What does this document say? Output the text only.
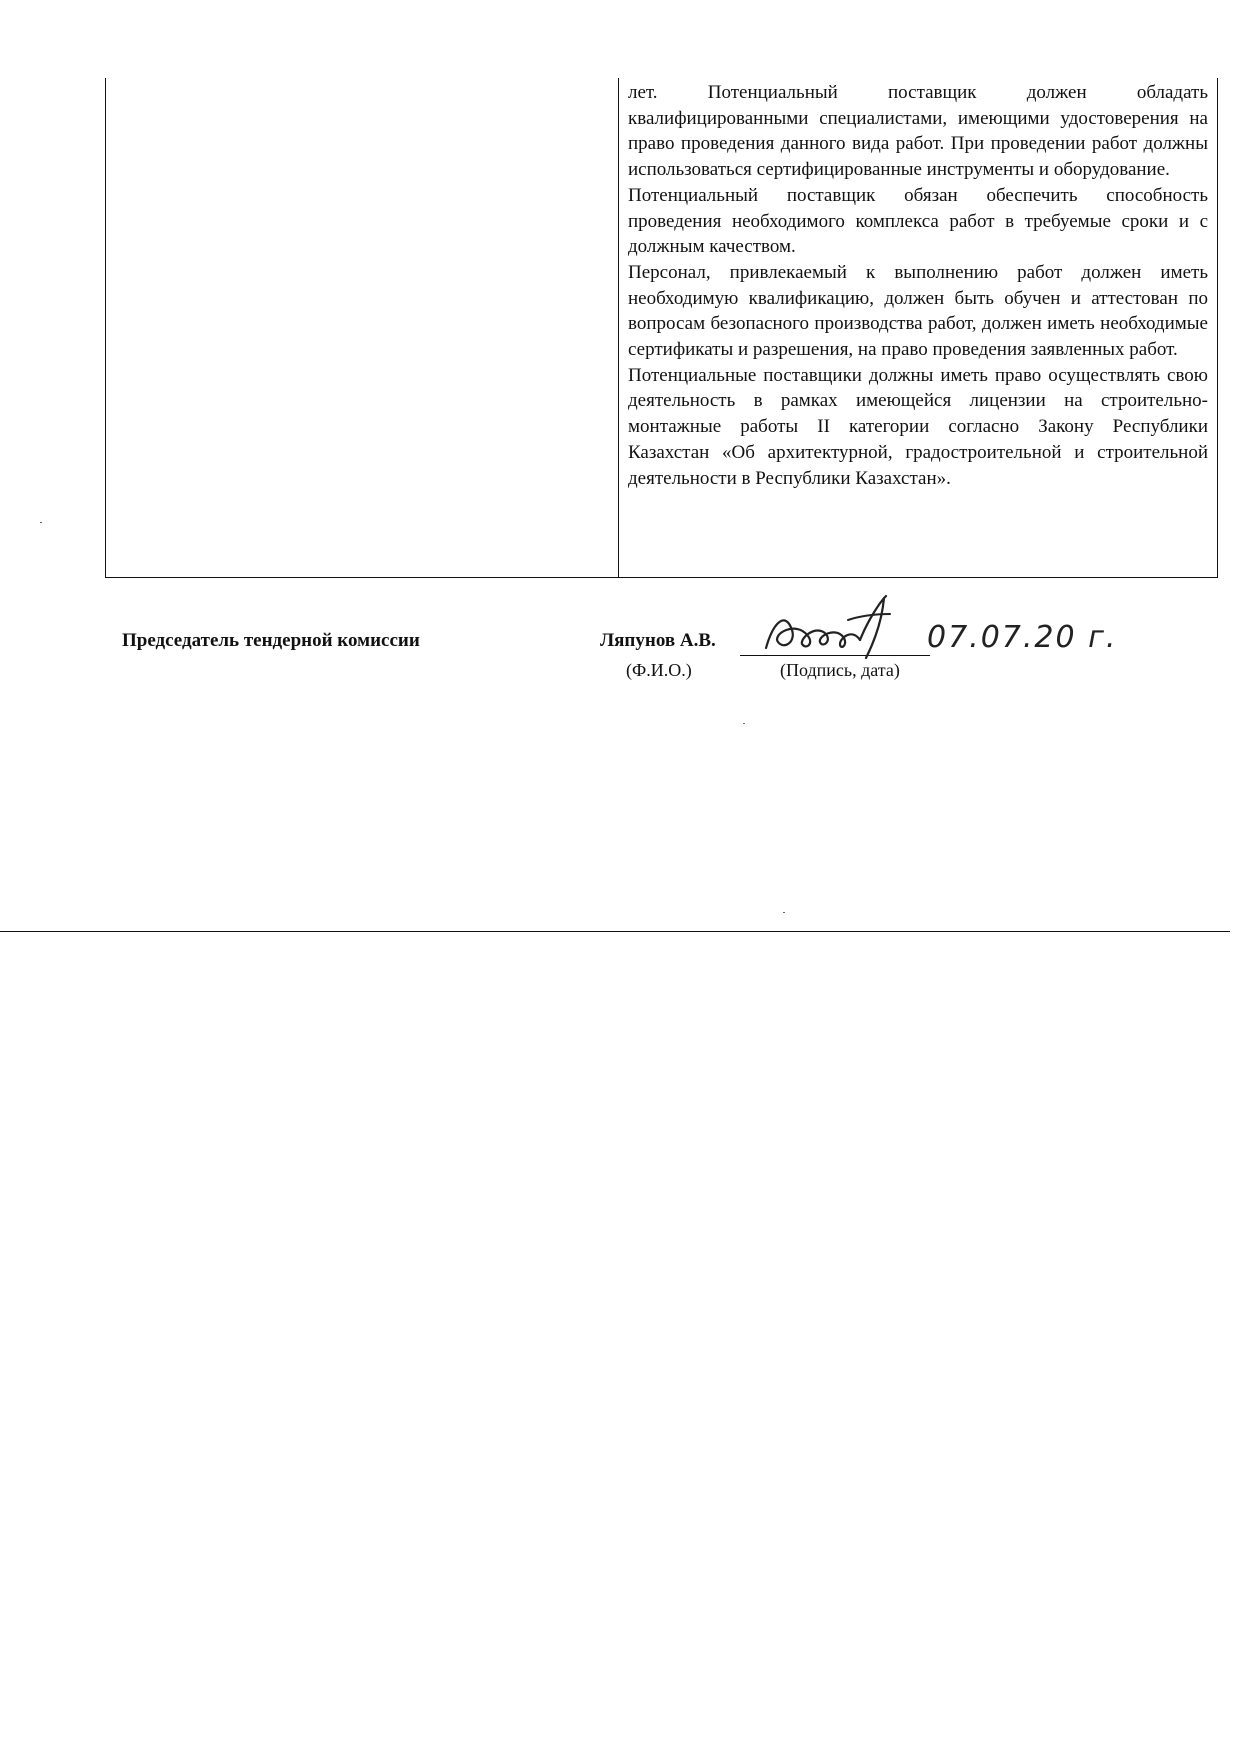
лет. Потенциальный поставщик должен обладать квалифицированными специалистами, имеющими удостоверения на право проведения данного вида работ. При проведении работ должны использоваться сертифицированные инструменты и оборудование.

Потенциальный поставщик обязан обеспечить способность проведения необходимого комплекса работ в требуемые сроки и с должным качеством.

Персонал, привлекаемый к выполнению работ должен иметь необходимую квалификацию, должен быть обучен и аттестован по вопросам безопасного производства работ, должен иметь необходимые сертификаты и разрешения, на право проведения заявленных работ.

Потенциальные поставщики должны иметь право осуществлять свою деятельность в рамках имеющейся лицензии на строительно-монтажные работы II категории согласно Закону Республики Казахстан «Об архитектурной, градостроительной и строительной деятельности в Республики Казахстан».

Председатель тендерной комиссии	Ляпунов А.В.	07.07.20 г.
(Ф.И.О.)	(Подпись, дата)
